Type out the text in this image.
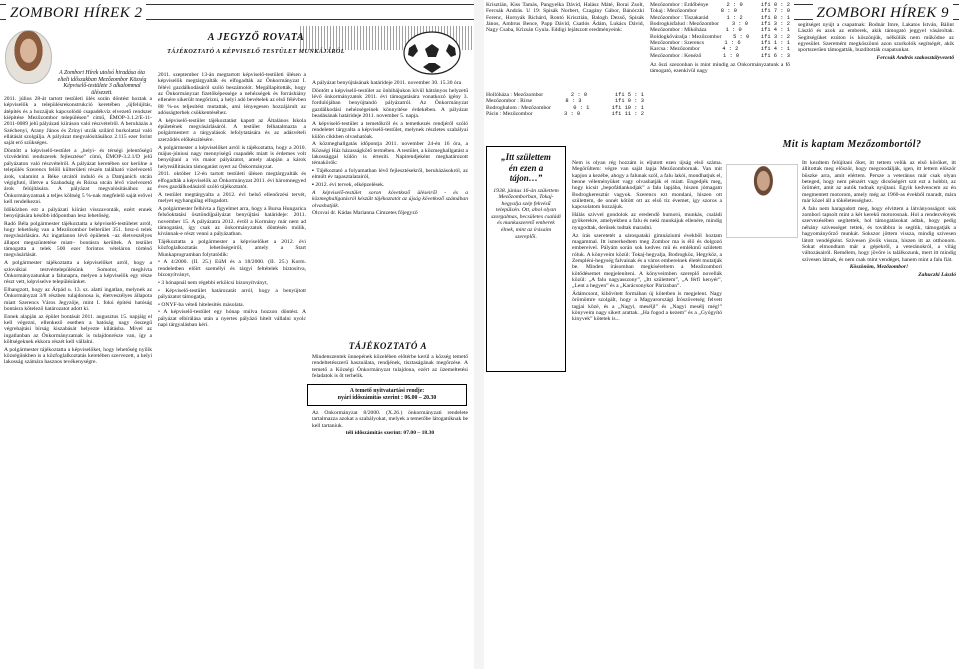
ZOMBORI HÍREK 2
A Zombori Hírek utolsó hiradása óta eltelt időszakban Mezőzombor Község Képviselő-testülete 3 alkalommal ülésezett.
A JEGYZŐ ROVATA
TÁJÉKOZTATÓ A KÉPVISELŐ TESTÜLET MUNKÁJÁRÓL

2011. július 28-át tartott testületi ülés során döntést hoztak a képviselők a településrekonstrukció keretében „újfelújítás, átépítés és a hozzájuk kapcsolódó csapadékvíz elvezető rendszer kiépítése Mezőzombor településen” című, ÉMOP-3.1.2/E-11-2011-0089 jelű pályázati kiíráson való részvételről. A beruházás a Széchenyi, Arany János és Zrínyi utcák szilárd burkolattal való ellátását szolgálja. A pályázat megvalósításához 2.115 ezer forint saját erő szükséges.

Döntött a képviselő-testület a „helyi- és térségi jelentőségű vízvédelmi rendszerek fejlesztése” címú, ÉMOP-3.2.1/D jelű pályázaton való részvételről. A pályázat keretében sor kerülne a település Szerencs felőli külterületi részén található vízelvezető árok, valamint a Béke utcától induló és a Damjanich utcán végigfutó, illetve a Szabadság és Rózsa utcán lévő vízelvezető árok felújítására. A pályázat megvalósításához az Önkormányzatnak a teljes költség 5 %-nak megfelelő saját erővel kell rendelkezni.

Időközben ezt a pályázati kiírást visszavonták, ezért ennek benyújtására később időpontban lesz lehetőség.

Radó Béla polgármester tájékoztatta a képviselő-testületet arról, hogy lehetőség van a Mezőzombor belterület 351. hrsz-ú telek megvásárlására. Az ingatlanon lévő épületek –az életveszélyes állapot megszüntetése miatt– bontásra kerültek. A testület támogatta a telek 500 ezer forintos vételáron történő megvásárlását.

A polgármester tájékoztatta a képviselőket arról, hogy a szlovákiai testvértelepülésünk Somotor, meghívta Önkormányzatunkat a falunapra, melyen a képviselők egy része részt vett, képviselve településünket.

Elhangzott, hogy az Árpád u. 13. sz. alatti ingatlan, melynek az Önkormányzat 3/8 részben tulajdonosa is, életveszélyes állapota miatt Szerencs Város Jegyzője, mint I. fokú építési hatóság bontásra kötelező határozatot adott ki.

Ennek alapján az épület bontását 2011. augusztus 15. napjáig el kell végezni, ellenkező esetben a hatóság nagy összegű végrehajtási bírság kiszabását helyezte kilátásba. Mivel az ingatlanban az Önkormányzatnak is tulajdonrésze van, így a költségeknek ekkora részét kell vállalni.

A polgármester tájékoztatta a képviselőket, hogy lehetőség nyílik községünkben is a közfoglalkoztatás keretében szervezett, a helyi lakosság számára hasznos tevékenységre.

2011. szeptember 13-án megtartott képviselő-testületi ülésen a képviselők megtárgyalták és elfogadták az Önkormányzat I. félévi gazdálkodásáról szóló beszámolót. Megállapították, hogy az Önkormányzat fizetőképessége a nehézségek és forráshiány ellenére sikerült megőrizni, a helyi adó bevételek az első félévben 80 %-os teljesítést mutattak, ami lényegesen hozzájárult az adósságterhek csökkentéséhez.

A képviselő-testület tájékoztatást kapott az Általános Iskola épületének megvásárlásáról. A testület felhatalmazta a polgármestert a tárgyalások lefolytatására és az adásvételi szerződés előkészítésére.

A polgármester a képviselőket arról is tájékoztatta, hogy a 2010. május-júniusi nagy mennyiségű csapadék miatt is érdemes volt benyújtani a vis maior pályázatot, amely alapján a károk helyreállítására támogatást nyert az Önkormányzat.

2011. október 12-én tartott testületi ülésen megtárgyalták és elfogadták a képviselők az Önkormányzat 2011. évi háromnegyed éves gazdálkodásáról szóló tájékoztatót.

A testület megtárgyalta a 2012. évi belső ellenőrzési tervét, melyet egyhangúlag elfogadott.

A polgármester felhívta a figyelmet arra, hogy a Bursa Hungarica felsőoktatási ösztöndíjpályázat benyújtási határideje: 2011. november 15. A pályázatra 2012. évtől a Kormány már nem ad támogatást, így csak az önkormányzatok döntésén múlik, kívánnak-e részt venni a pályázatban.

Tájékoztatta a polgármester a képviselőket a 2012. évi közfoglalkoztatás lehetőségeiről, amely a Start Munkaprogramban folytatódik:

• A 4/2000. (II. 25.) EüM és a 18/2000. (II. 25.) Korm. rendeletben előírt személyi és tárgyi feltételek biztosítva, bizonyítványt,

• 3 hónapnál nem régebbi erkölcsi bizonyítványt,

• Képviselő-testület határozatát arról, hogy a benyújtott pályázatot támogatja,

• ONYF-ba vételi hitelesítés másolata.

• A képviselő-testület egy hónap múlva hozzon döntést. A pályázat elbírálása után a nyertes pályázó hitelt vállalni nyolc napi tárgyalásban kéri.

A pályázat benyújtásának határideje 2011. november 30. 15.30 óra

Döntött a képviselő-testület az önhibájukon kívül hátrányos helyzetű lévő önkormányzatok 2011. évi támogatására vonatkozó igény 3. fordulójában benyújtandó pályázatról. Az Önkormányzat gazdálkodási nehézségeinek könnyítése érdekében. A pályázat beadásának határideje 2011. november 5. napja.

A képviselő-testület a temetőkről és a temetkezés rendjéről szóló rendeletet tárgyalta a képviselő-testület, melynek részletes szabályai külön cikkben olvashatóak.

A közmeghallgatás időpontja 2011. november 24-én 16 óra, a Községi Ház házasságkötő termében. A testület, a közmeghallgatást a lakossággal külön is értesíti. Napirendjeként meghatározott témakörök:

▪ Tájékoztató a folyamatban lévő fejlesztésekről, beruházásokról, az elmúlt év tapasztalatairól,

▪ 2012. évi tervek, elképzelések.

A képviselő-testület soron következő üléseiről - és a közmeghallgatásról készült tájékoztatót az újság következő számában olvashatják.

Olcsvai dr. Kádas Marianna Címzetes főjegyző

TÁJÉKOZTATÓ A

Mindenszentek ünnepének közelében előtérbe kerül a község temető rendeltetésszerű használata, rendjének, tisztaságának megőrzése. A temető a Községi Önkormányzat tulajdona, ezért az üzemeltetési feladatok is őt terhelik.

A temető nyitvatartási rendje:
nyári időszámítás szerint : 06.00 – 20.30

Az Önkormányzat 8/2000. (X.26.) önkormányzati rendelete tartalmazza azokat a szabályokat, melyek a temetőbe látogatóknak be kell tartaniuk.

téli időszámítás szerint: 07.00 – 18.30

ZOMBORI HÍREK 9

Krisztián, Kiss Tamás, Pangyelka Dávid, Halász Máté, Borai Zsolt, Fercsák András. U 19: Spisák Norbert, Czagány Gábor, Bánóczki Ferenc, Hornyák Richárd, Rontó Krisztián, Balogh Dezső, Spisák János, Ambrus Bence, Papp Dávid, Csatlós Ádám, Lukács Dávid, Nagy Csaba, Krizsán Gyula. Eddigi lejátszott eredményeink:

Hollóháza : Mezőzombor	2 : 0	ifi 5 : 1
Mezőzombor : Rirse	8 : 3	ifi 0 : 3
Bodroghalom : Mezőzombor	0 : 1	ifi 10 : 1
Pácin : Mezőzombor	3 : 0	ifi 11 : 2
Mezőzombor : Erdőbénye	2 : 0	ifi 0 : 2
Tokaj : Mezőzombor	8 : 0	ifi 7 : 0
Mezőzombor : Tiszakarád	1 : 2	ifi 8 : 1
Bodrogkisfalud : Mezőzombor 3 : 0 ifi 3 : 2
Mezőzombor : Mikóháza	1 : 0	ifi 4 : 1
Boldogkőváralja : Mezőzombor 5 : 0 ifi 3 : 2
Mezőzombor : Szerencs	1 : 6	ifi 1 : 1
Karcsa : Mezőzombor	4 : 2	ifi 4 : 1
Mezőzombor : Kenéző	1 : 0	ifi 6 : 3

Az őszi szezonban is mint mindig az Önkormányzatunk a fő támogató, ezenkívül nagy

segítséget nyújt a csapatnak: Bodnár Imre, Lakatos István, Bálint László és azok az emberek, akik támogató jeggyel vásároltak. Segítségüket ezúton is köszönjük, nélkülük nem működne az egyesület. Szeretném megköszönni azon szurkolók segítségét, akik sportszerűen támogatták, buzdították csapatunkat.

Fercsák András szakosztályvezető

„Itt születtem
én ezen a
tájon…”
1938. június 16-án születtem Mezőzomborban, Tokaj-hegyalja szép fekvésű települsén. Ott, ahol olyan szorgalmas, becsületes családi és munkaszerető emberek élnek, mint az írásaim szereplői.
Mit is kaptam Mezőzombortól?

Nem is olyan rég hozzám is eljutott ezen újság első száma. Megörültem: végre van saját lapja Mezőzombornak. Van mit kapjon a kezébe, ahogy a falunak szól, a falu lakói, mondhatjuk el, benne véleményüket vagy olvashatják el miatt. Engedjék meg, hogy kicsit „bepofátlankodjak” a falu lapjába, hiszen jómagam Bodrogkeresztúr vagyok. Szerencs ezt mondani, hiszen ott születtem, de onnét kötött ott az első tíz évemet, így szoros a kapcsolatom hozzájuk.

Hálás szívvel gondolok az eredendő humorú, munkás, családi gyökerekre, amelyekben a falu és neki munkájuk ellenére, mindig nyugodtak, derűsek tudtak maradni.

Az írás szeretetét a sárospataki gimnáziumi évekből hoztam magammal. Itt ismerkedtem meg Zombor ma is élő és dolgozó embereivel. Pályám során sok kedves mű és emlékmű született róluk. A könyveim közül: Tokaj-hegyalja, Bodrogköz, Hegyköz, a Zempléni-hegység falvainak és a város embereinek életét mutatják be. Minden írásomban megkíséreltem a Mezőzombori kötődésemet megjeleníteni. A könyveimben szereplő novellák közül: „A falu nagyasszony”, „Itt születtem”, „A férfi kenyér”, „Lent a hegyen” és a „Karácsonykor Párizsban”.

Ádámcsont, kibővített formában új kötetben is megjelent. Nagy örömömre szolgált, hogy a Magyarországi Írószövetség felvett tagjai közé, és a „Nagyi, meséljl” és „Nagyi mesélj még!” könyveim nagy sikert arattak. „Ha fogod a kezem” és a „Gyógyító kinyvek” kötetek is...

Itt kezdtem felújítani őket, itt tettem velük az első köröket, itt állítottak meg először, hogy megcsodálják, igen, itt lettem először büszke arra, amit elértem. Persze a veteránus már csak olyan beteged, hogy nem pénzért vagy dicsőségért szit ezt a hobbit, az örömért, amit az autók tudnak nyújtani. Egyik kedvencem az én megmentett motorom, amely még az 1960-as évekből maradt, mára már közel áll a tökéletességhez.

A falu nem haragudott meg, hogy elvittem a látványosságot: sok zombori tapsolt mint a két kerekű motorosnak. Hol a rendezvények szervezésében segítettek, hol támogatásokat adtak, hogy pedig néhány szívességet tettek, és továbbra is segítik, támogatják a hagyományőrző munkát. Sokszor jöttem vissza, mindig szívesen látott vendégként. Szívesen jövök vissza, hiszen itt az otthonom. Sokat elmondtam már a gépekről, a veteránokról, a világ változásairól. Remélem, hogy jövőre is találkozunk, mert itt mindig szívesen látnak, és nem csak mint vendéget, hanem mint a falu fiát.

Köszönöm, Mezőzombor!

Zahuczki László
